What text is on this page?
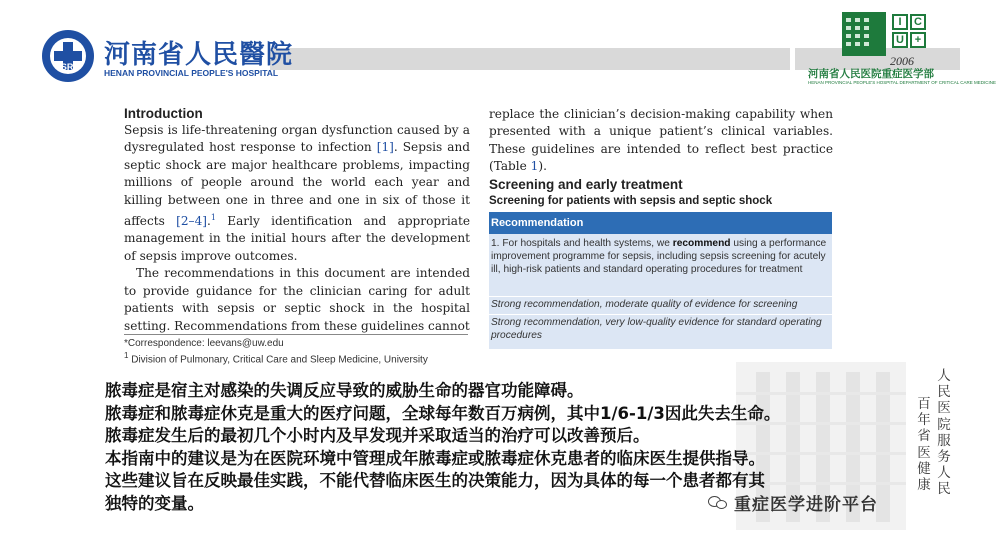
SRY 河南省人民醫院
HENAN PROVINCIAL PEOPLE'S HOSPITAL
I	C
U +
2006
河南省人民医院重症医学部
HENAN PROVINCIAL PEOPLE'S HOSPITAL DEPARTMENT OF CRITICAL CARE MEDICINE
Introduction

Sepsis is life-threatening organ dysfunction caused by a dysregulated host response to infection [1]. Sepsis and septic shock are major healthcare problems, impacting millions of people around the world each year and killing between one in three and one in six of those it affects [2–4].$^1$ Early identification and appropriate management in the initial hours after the development of sepsis improve outcomes.

The recommendations in this document are intended to provide guidance for the clinician caring for adult patients with sepsis or septic shock in the hospital setting. Recommendations from these guidelines cannot

*Correspondence: leevans@uw.edu
$^1$ Division of Pulmonary, Critical Care and Sleep Medicine, University

replace the clinician’s decision-making capability when presented with a unique patient’s clinical variables. These guidelines are intended to reflect best practice (Table 1).

Screening and early treatment
Screening for patients with sepsis and septic shock
Recommendation
1. For hospitals and health systems, we recommend using a performance improvement programme for sepsis, including sepsis screening for acutely ill, high-risk patients and standard operating procedures for treatment
Strong recommendation, moderate quality of evidence for screening
Strong recommendation, very low-quality evidence for standard operating procedures
人
民
医
院
服
务
人
民
百
年
省
医
健
康
脓毒症是宿主对感染的失调反应导致的威胁生命的器官功能障碍。
脓毒症和脓毒症休克是重大的医疗问题，全球每年数百万病例，其中1/6-1/3因此失去生命。
脓毒症发生后的最初几个小时内及早发现并采取适当的治疗可以改善预后。
本指南中的建议是为在医院环境中管理成年脓毒症或脓毒症休克患者的临床医生提供指导。
这些建议旨在反映最佳实践，不能代替临床医生的决策能力，因为具体的每一个患者都有其
独特的变量。	重症医学进阶平台
